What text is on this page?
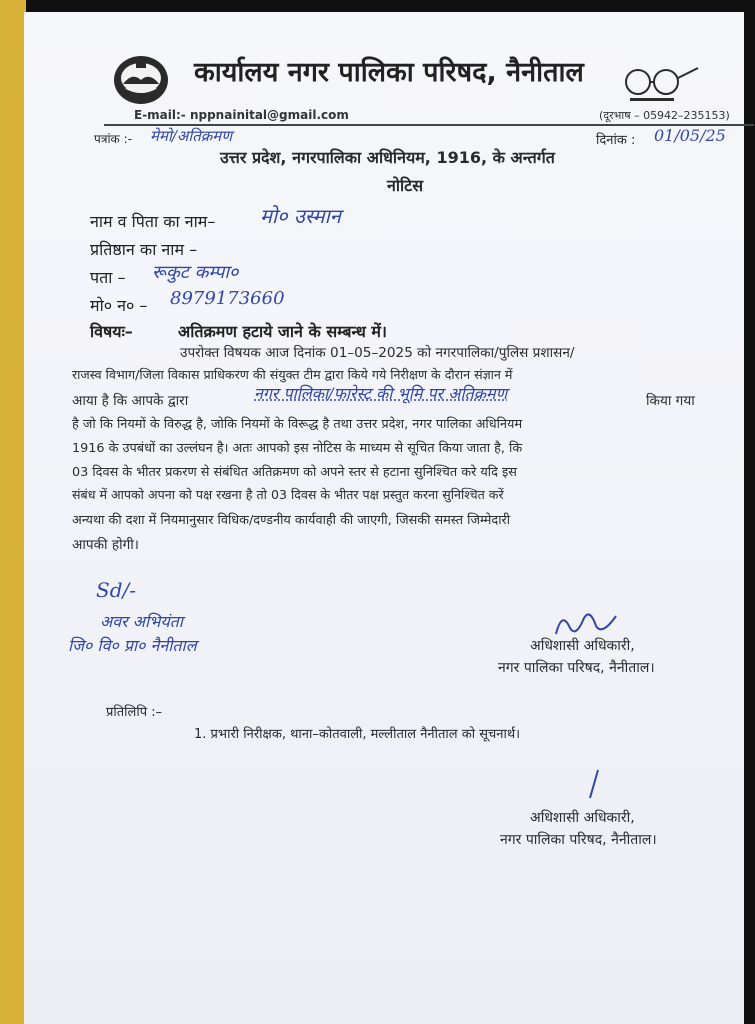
कार्यालय नगर पालिका परिषद, नैनीताल
E-mail:- nppnainital@gmail.com	(दूरभाष – 05942–235153)
पत्रांक :- मेमो/अतिक्रमण	दिनांक : 01/05/25
उत्तर प्रदेश, नगरपालिका अधिनियम, 1916, के अन्तर्गत
नोटिस
नाम व पिता का नाम– मो० उस्मान
प्रतिष्ठान का नाम –
पता – रूकुट कम्पा०
मो० न० – 8979173660
विषयः–	अतिक्रमण हटाये जाने के सम्बन्ध में।
उपरोक्त विषयक आज दिनांक 01–05–2025 को नगरपालिका/पुलिस प्रशासन/
राजस्व विभाग/जिला विकास प्राधिकरण की संयुक्त टीम द्वारा किये गये निरीक्षण के दौरान संज्ञान में
आया है कि आपके द्वारा	नगर पालिका/फारेस्ट की भूमि पर अतिक्रमण	किया गया
है जो कि नियमों के विरुद्ध है, जोकि नियमों के विरूद्ध है तथा उत्तर प्रदेश, नगर पालिका अधिनियम
1916 के उपबंधों का उल्लंघन है। अतः आपको इस नोटिस के माध्यम से सूचित किया जाता है, कि
03 दिवस के भीतर प्रकरण से संबंधित अतिक्रमण को अपने स्तर से हटाना सुनिश्चित करे यदि इस
संबंध में आपको अपना को पक्ष रखना है तो 03 दिवस के भीतर पक्ष प्रस्तुत करना सुनिश्चित करें
अन्यथा की दशा में नियमानुसार विधिक/दण्डनीय कार्यवाही की जाएगी, जिसकी समस्त जिम्मेदारी
आपकी होगी।
Sd/-
अवर अभियंता
जि० वि० प्रा० नैनीताल	अधिशासी अधिकारी,
नगर पालिका परिषद, नैनीताल।
प्रतिलिपि :–
1. प्रभारी निरीक्षक, थाना–कोतवाली, मल्लीताल नैनीताल को सूचनार्थ।
अधिशासी अधिकारी,
नगर पालिका परिषद, नैनीताल।
